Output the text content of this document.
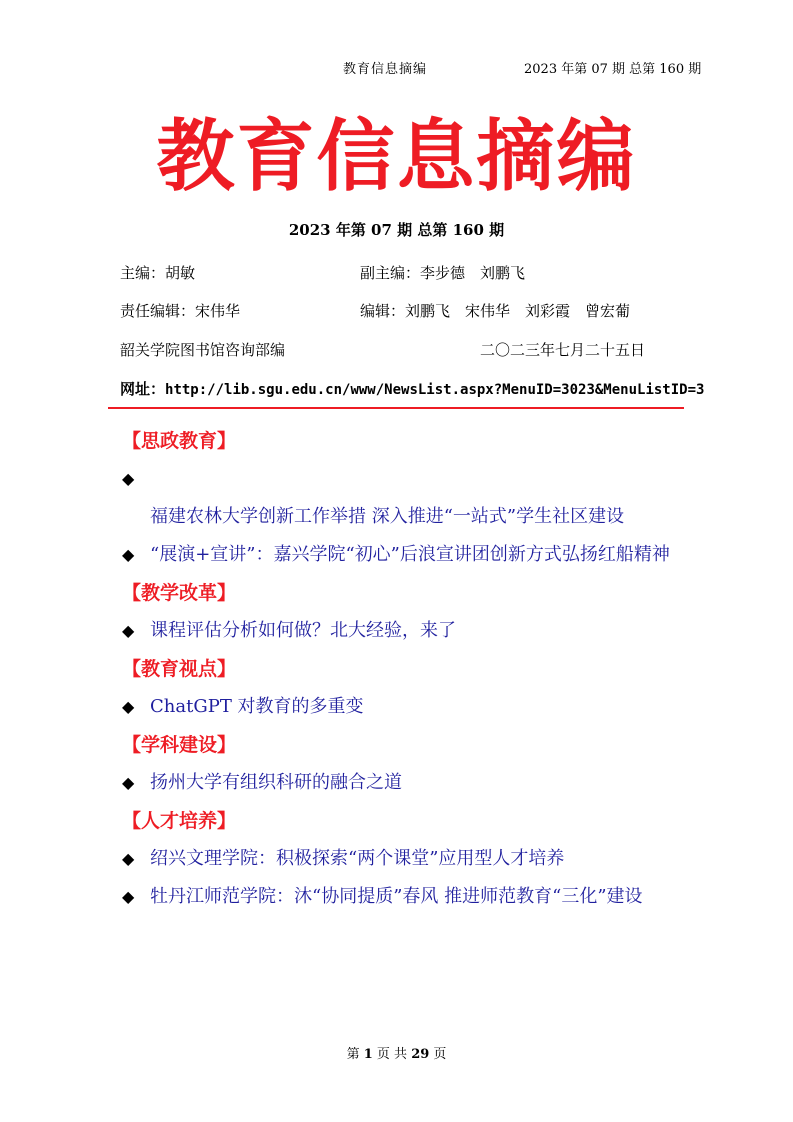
教育信息摘编	2023 年第 07 期 总第 160 期
教育信息摘编
2023 年第 07 期 总第 160 期
主编：胡敏	副主编：李步德　刘鹏飞
责任编辑：宋伟华	编辑：刘鹏飞　宋伟华　刘彩霞　曾宏葡
韶关学院图书馆咨询部编	二〇二三年七月二十五日
网址：http://lib.sgu.edu.cn/www/NewsList.aspx?MenuID=3023&MenuListID=3
【思政教育】
◆
福建农林大学创新工作举措 深入推进“一站式”学生社区建设
◆ “展演+宣讲”：嘉兴学院“初心”后浪宣讲团创新方式弘扬红船精神
【教学改革】
◆ 课程评估分析如何做？北大经验，来了
【教育视点】
◆ ChatGPT 对教育的多重变
【学科建设】
◆ 扬州大学有组织科研的融合之道
【人才培养】
◆ 绍兴文理学院：积极探索“两个课堂”应用型人才培养
◆ 牡丹江师范学院：沐“协同提质”春风 推进师范教育“三化”建设
第 1 页 共 29 页
